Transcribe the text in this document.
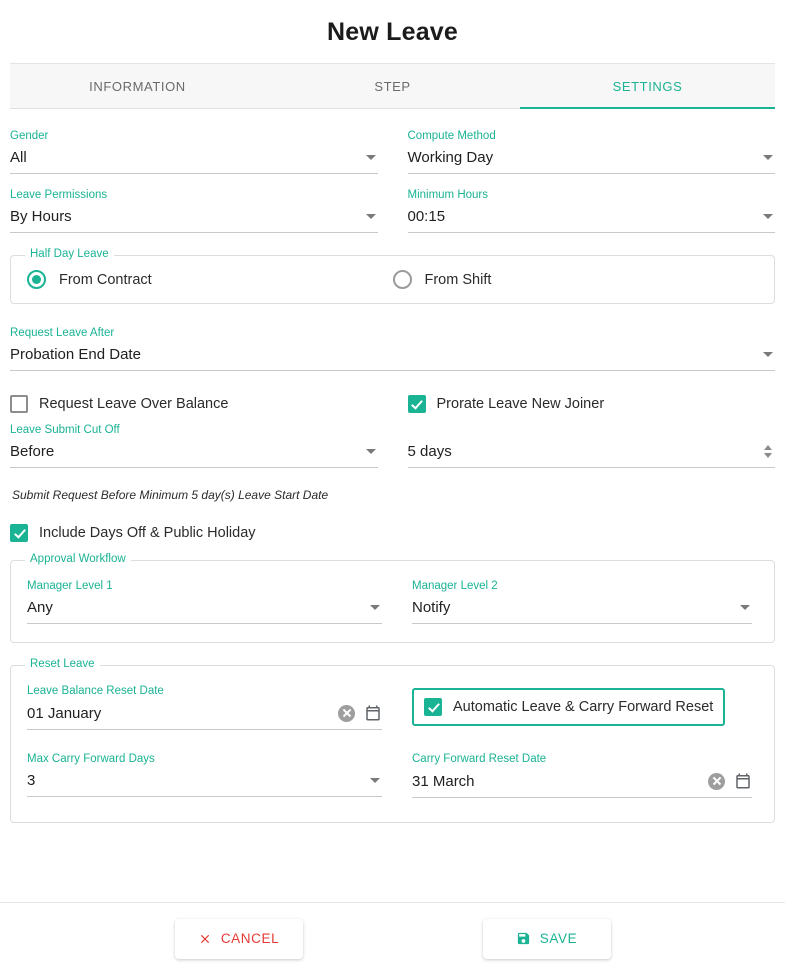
New Leave
INFORMATION	STEP	SETTINGS
Gender
All
Compute Method
Working Day
Leave Permissions
By Hours
Minimum Hours
00:15
Half Day Leave
From Contract	From Shift
Request Leave After
Probation End Date
Request Leave Over Balance	Prorate Leave New Joiner
Leave Submit Cut Off
Before	5 days
Submit Request Before Minimum 5 day(s) Leave Start Date
Include Days Off & Public Holiday
Approval Workflow
Manager Level 1
Any
Manager Level 2
Notify
Reset Leave
Leave Balance Reset Date
01 January	Automatic Leave & Carry Forward Reset
Max Carry Forward Days
3
Carry Forward Reset Date
31 March
CANCEL	SAVE
